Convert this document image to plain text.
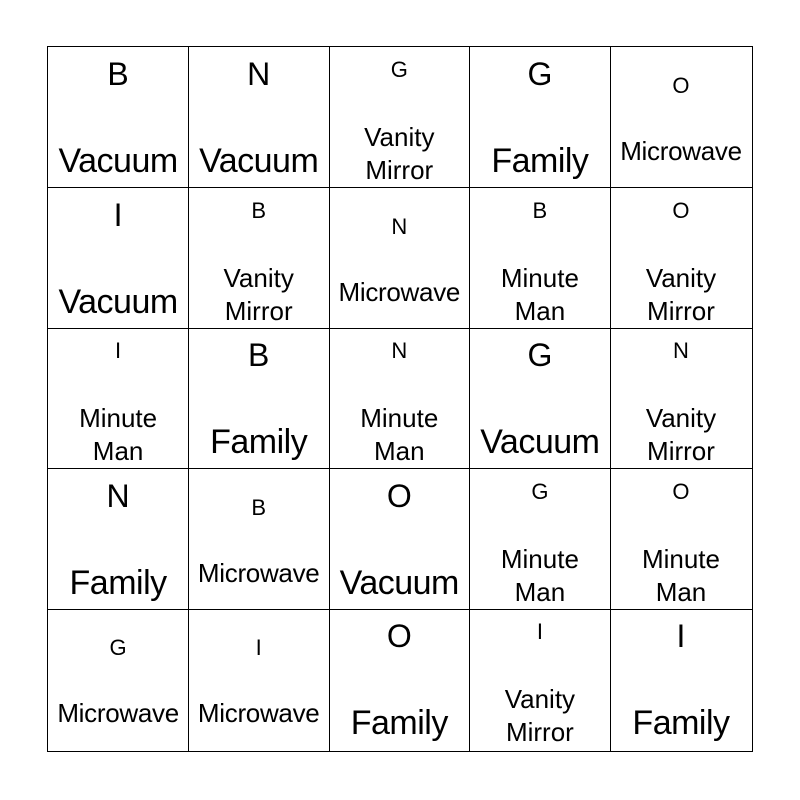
B
Vacuum
N
Vacuum
G
Vanity
Mirror
G
Family
O
Microwave
I
Vacuum
B
Vanity
Mirror
N
Microwave
B
Minute
Man
O
Vanity
Mirror
I
Minute
Man
B
Family
N
Minute
Man
G
Vacuum
N
Vanity
Mirror
N
Family
B
Microwave
O
Vacuum
G
Minute
Man
O
Minute
Man
G
Microwave
I
Microwave
O
Family
I
Vanity
Mirror
I
Family
